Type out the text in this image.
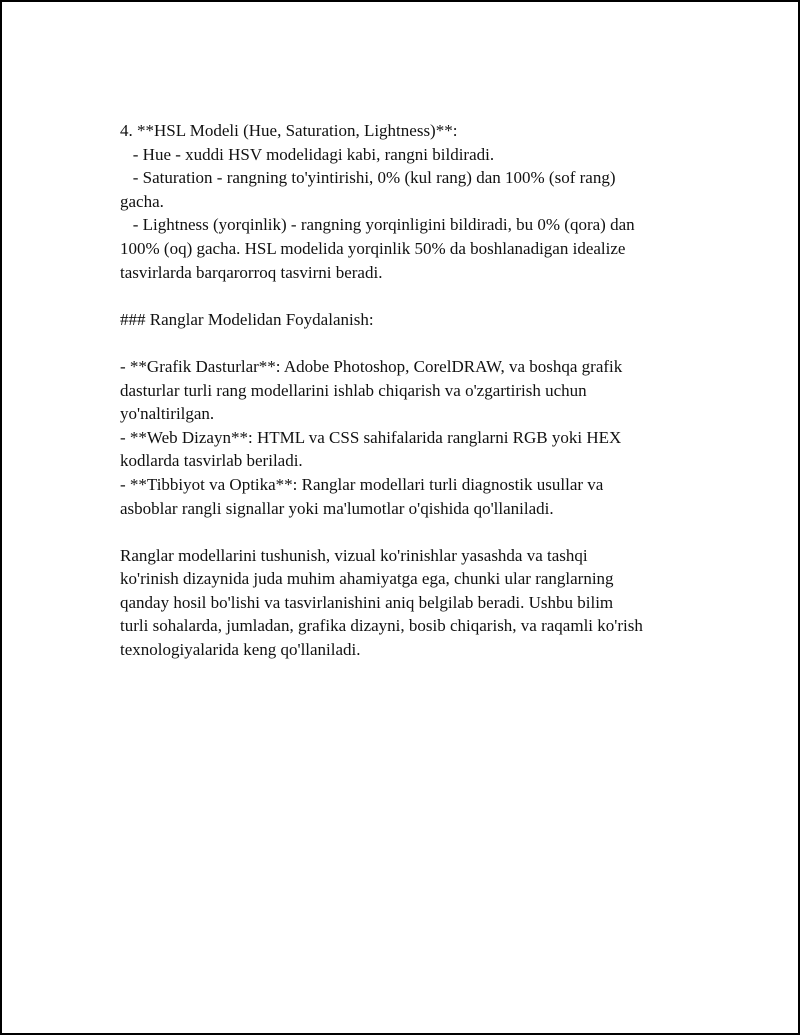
4. **HSL Modeli (Hue, Saturation, Lightness)**:
- Hue - xuddi HSV modelidagi kabi, rangni bildiradi.
- Saturation - rangning to'yintirishi, 0% (kul rang) dan 100% (sof rang)
gacha.
- Lightness (yorqinlik) - rangning yorqinligini bildiradi, bu 0% (qora) dan
100% (oq) gacha. HSL modelida yorqinlik 50% da boshlanadigan idealize
tasvirlarda barqarorroq tasvirni beradi.
### Ranglar Modelidan Foydalanish:
- **Grafik Dasturlar**: Adobe Photoshop, CorelDRAW, va boshqa grafik
dasturlar turli rang modellarini ishlab chiqarish va o'zgartirish uchun
yo'naltirilgan.
- **Web Dizayn**: HTML va CSS sahifalarida ranglarni RGB yoki HEX
kodlarda tasvirlab beriladi.
- **Tibbiyot va Optika**: Ranglar modellari turli diagnostik usullar va
asboblar rangli signallar yoki ma'lumotlar o'qishida qo'llaniladi.
Ranglar modellarini tushunish, vizual ko'rinishlar yasashda va tashqi
ko'rinish dizaynida juda muhim ahamiyatga ega, chunki ular ranglarning
qanday hosil bo'lishi va tasvirlanishini aniq belgilab beradi. Ushbu bilim
turli sohalarda, jumladan, grafika dizayni, bosib chiqarish, va raqamli ko'rish
texnologiyalarida keng qo'llaniladi.
